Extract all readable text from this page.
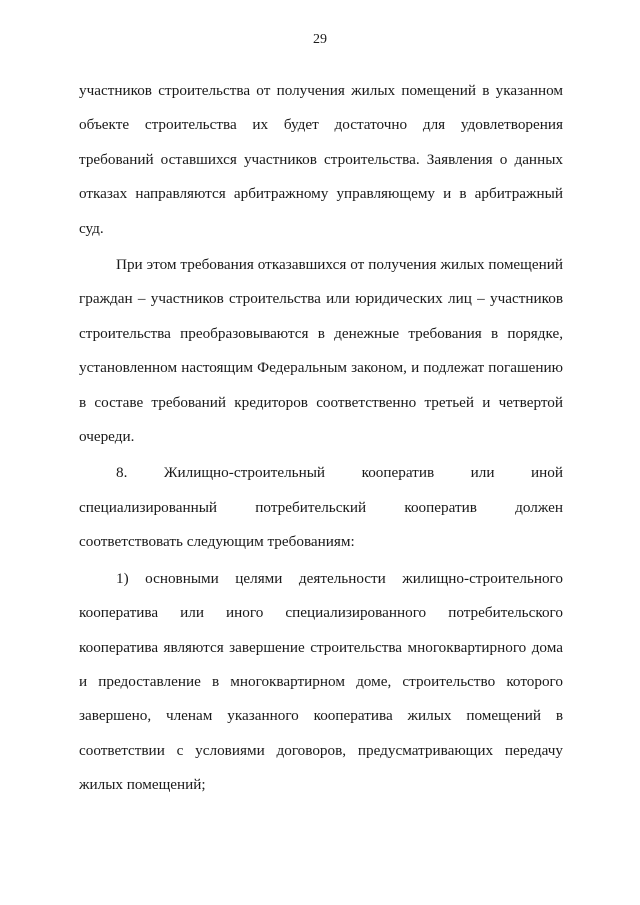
29

участников строительства от получения жилых помещений в указанном объекте строительства их будет достаточно для удовлетворения требований оставшихся участников строительства. Заявления о данных отказах направляются арбитражному управляющему и в арбитражный суд.

При этом требования отказавшихся от получения жилых помещений граждан – участников строительства или юридических лиц – участников строительства преобразовываются в денежные требования в порядке, установленном настоящим Федеральным законом, и подлежат погашению в составе требований кредиторов соответственно третьей и четвертой очереди.

8. Жилищно-строительный кооператив или иной специализированный потребительский кооператив должен соответствовать следующим требованиям:

1) основными целями деятельности жилищно-строительного кооператива или иного специализированного потребительского кооператива являются завершение строительства многоквартирного дома и предоставление в многоквартирном доме, строительство которого завершено, членам указанного кооператива жилых помещений в соответствии с условиями договоров, предусматривающих передачу жилых помещений;
